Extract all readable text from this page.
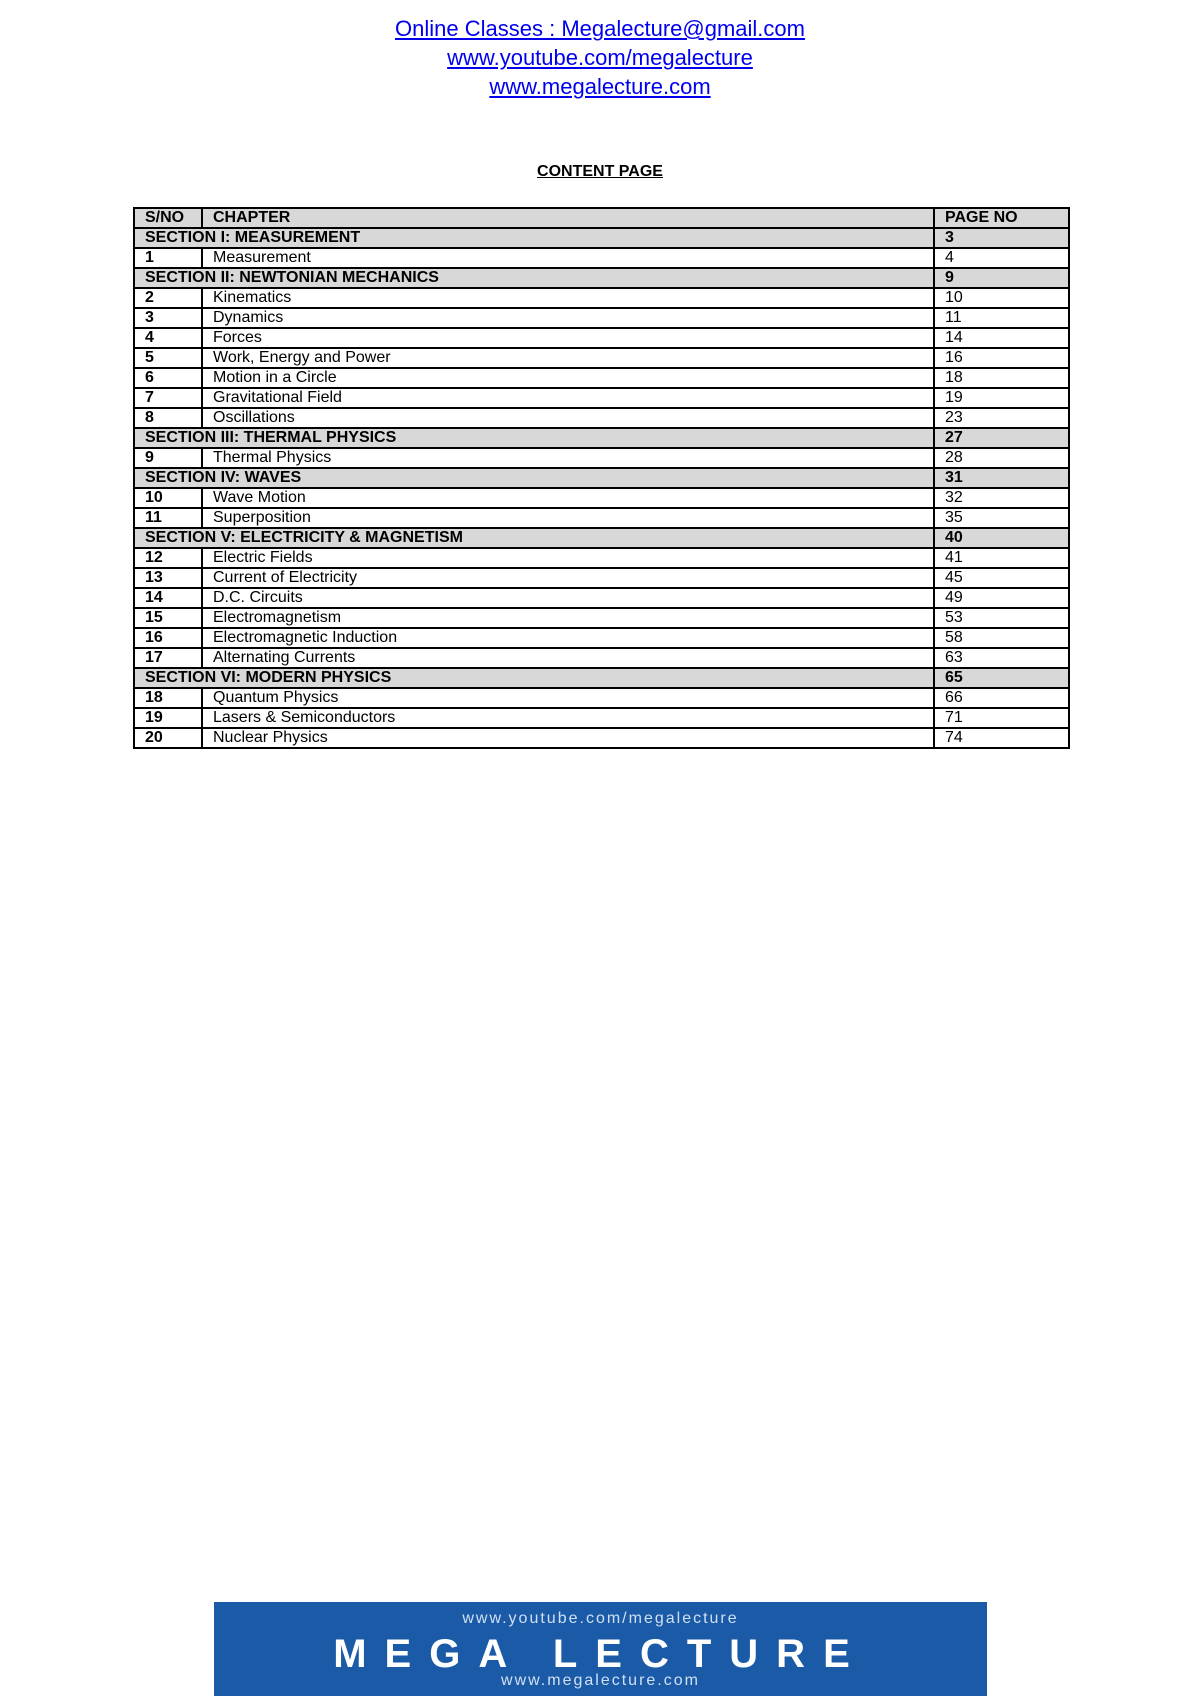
Online Classes : Megalecture@gmail.com
www.youtube.com/megalecture
www.megalecture.com
CONTENT PAGE
S/NO	CHAPTER	PAGE NO
SECTION I: MEASUREMENT		3
1	Measurement	4
SECTION II: NEWTONIAN MECHANICS		9
2	Kinematics	10
3	Dynamics	11
4	Forces	14
5	Work, Energy and Power	16
6	Motion in a Circle	18
7	Gravitational Field	19
8	Oscillations	23
SECTION III: THERMAL PHYSICS		27
9	Thermal Physics	28
SECTION IV: WAVES		31
10	Wave Motion	32
11	Superposition	35
SECTION V: ELECTRICITY & MAGNETISM		40
12	Electric Fields	41
13	Current of Electricity	45
14	D.C. Circuits	49
15	Electromagnetism	53
16	Electromagnetic Induction	58
17	Alternating Currents	63
SECTION VI: MODERN PHYSICS		65
18	Quantum Physics	66
19	Lasers & Semiconductors	71
20	Nuclear Physics	74
www.youtube.com/megalecture
MEGA LECTURE
www.megalecture.com
